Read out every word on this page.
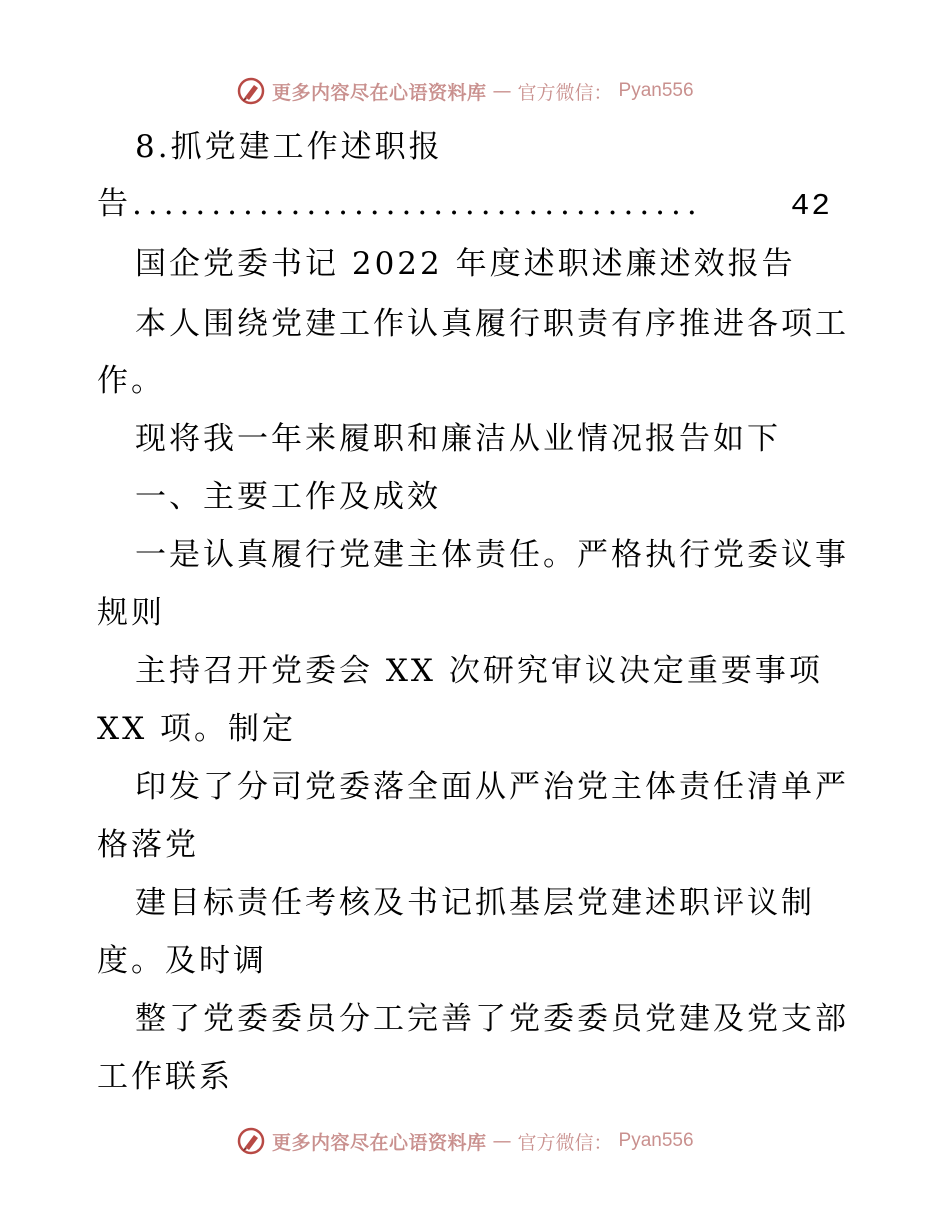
更多内容尽在心语资料库 — 官方微信： Pyan556
8.抓党建工作述职报
告 ....................................	42
国企党委书记 2022 年度述职述廉述效报告
本人围绕党建工作认真履行职责有序推进各项工
作。
现将我一年来履职和廉洁从业情况报告如下
一、主要工作及成效
一是认真履行党建主体责任。严格执行党委议事
规则
主持召开党委会 XX 次研究审议决定重要事项
XX 项。制定
印发了分司党委落全面从严治党主体责任清单严
格落党
建目标责任考核及书记抓基层党建述职评议制
度。及时调
整了党委委员分工完善了党委委员党建及党支部
工作联系
更多内容尽在心语资料库 — 官方微信： Pyan556
